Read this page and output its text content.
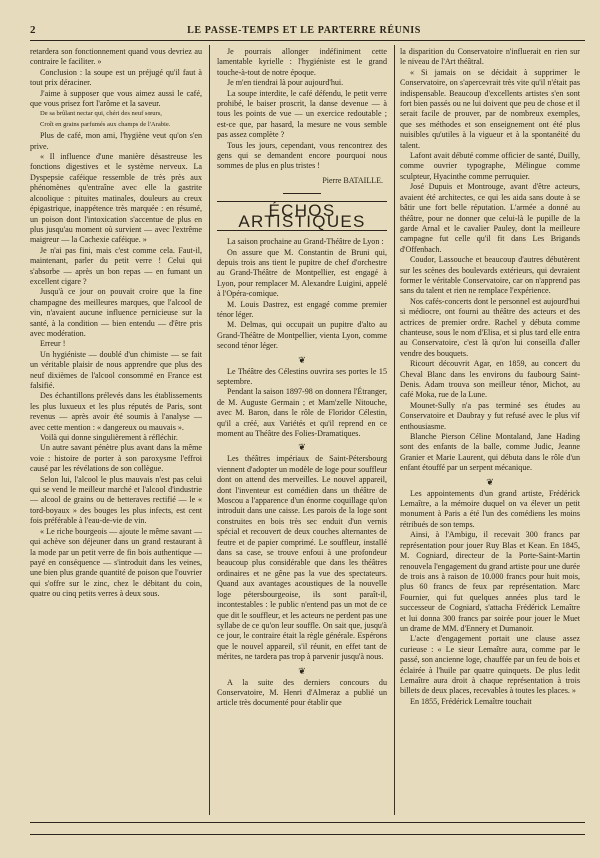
2	LE PASSE-TEMPS ET LE PARTERRE RÉUNIS

retardera son fonctionnement quand vous devriez au contraire le faciliter. »

Conclusion : la soupe est un préjugé qu'il faut à tout prix déraciner.

J'aime à supposer que vous aimez aussi le café, que vous prisez fort l'arôme et la saveur.

De sa brûlant nectar qui, chéri des neuf sœurs,

Croît en grains parfumés aux champs de l'Arabie.

Plus de café, mon ami, l'hygiène veut qu'on s'en prive.

« Il influence d'une manière désastreuse les fonctions digestives et le système nerveux. La Dyspepsie caféique ressemble de très près aux phénomènes qu'entraîne avec elle la gastrite alcoolique : pituites matinales, douleurs au creux épigastrique, inappétence très marquée : en résumé, un poison dont l'intoxication s'accentue de plus en plus jusqu'au moment où survient — avec l'extrême maigreur — la Cachexie caféique. »

Je n'ai pas fini, mais c'est comme cela. Faut-il, maintenant, parler du petit verre ! Celui qui s'absorbe — après un bon repas — en fumant un excellent cigare ?

Jusqu'à ce jour on pouvait croire que la fine champagne des meilleures marques, que l'alcool de vin, n'avaient aucune influence pernicieuse sur la santé, à la condition — bien entendu — d'être pris avec modération.

Erreur !

Un hygiéniste — doublé d'un chimiste — se fait un véritable plaisir de nous apprendre que plus des neuf dixièmes de l'alcool consommé en France est falsifié.

Des échantillons prélevés dans les établissements les plus luxueux et les plus réputés de Paris, sont revenus — après avoir été soumis à l'analyse — avec cette mention : « dangereux ou mauvais ».

Voilà qui donne singulièrement à réfléchir.

Un autre savant pénètre plus avant dans la même voie : histoire de porter à son paroxysme l'effroi causé par les révélations de son collègue.

Selon lui, l'alcool le plus mauvais n'est pas celui qui se vend le meilleur marché et l'alcool d'industrie — alcool de grains ou de betteraves rectifié — le « tord-boyaux » des bouges les plus infects, est cent fois préférable à l'eau-de-vie de vin.

« Le riche bourgeois — ajoute le même savant — qui achève son déjeuner dans un grand restaurant à la mode par un petit verre de fin bois authentique — payé en conséquence — s'introduit dans les veines, une bien plus grande quantité de poison que l'ouvrier qui s'offre sur le zinc, chez le débitant du coin, quatre ou cinq petits verres à deux sous.

Je pourrais allonger indéfiniment cette lamentable kyrielle : l'hygiéniste est le grand touche-à-tout de notre époque.

Je m'en tiendrai là pour aujourd'hui.

La soupe interdite, le café défendu, le petit verre prohibé, le baiser proscrit, la danse devenue — à tous les points de vue — un exercice redoutable ; est-ce que, par hasard, la mesure ne vous semble pas assez complète ?

Tous les jours, cependant, vous rencontrez des gens qui se demandent encore pourquoi nous sommes de plus en plus tristes !

Pierre BATAILLE.

ÉCHOS ARTISTIQUES

La saison prochaine au Grand-Théâtre de Lyon :

On assure que M. Constantin de Bruni qui, depuis trois ans tient le pupitre de chef d'orchestre au Grand-Théâtre de Montpellier, est engagé à Lyon, pour remplacer M. Alexandre Luigini, appelé à l'Opéra-comique.

M. Louis Dastrez, est engagé comme premier ténor léger.

M. Delmas, qui occupait un pupitre d'alto au Grand-Théâtre de Montpellier, vienta Lyon, comme second ténor léger.

❦

Le Théâtre des Célestins ouvrira ses portes le 15 septembre.

Pendant la saison 1897-98 on donnera l'Étranger, de M. Auguste Germain ; et Mam'zelle Nitouche, avec M. Baron, dans le rôle de Floridor Célestin, qu'il a créé, aux Variétés et qu'il reprend en ce moment au Théâtre des Folies-Dramatiques.

❦

Les théâtres impériaux de Saint-Pétersbourg viennent d'adopter un modèle de loge pour souffleur dont on attend des merveilles. Le nouvel appareil, dont l'inventeur est comédien dans un théâtre de Moscou a l'apparence d'un énorme coquillage qu'on introduit dans une caisse. Les parois de la loge sont construites en bois très sec enduit d'un vernis spécial et recouvert de deux couches alternantes de feutre et de papier comprimé. Le souffleur, installé dans sa case, se trouve enfoui à une profondeur beaucoup plus considérable que dans les théâtres ordinaires et ne gêne pas la vue des spectateurs. Quand aux avantages acoustiques de la nouvelle loge pétersbourgeoise, ils sont paraît-il, incontestables : le public n'entend pas un mot de ce que dit le souffleur, et les acteurs ne perdent pas une syllabe de ce qu'on leur souffle. On sait que, jusqu'à ce jour, le contraire était la règle générale. Espérons que le nouvel appareil, s'il réunit, en effet tant de mérites, ne tardera pas trop à parvenir jusqu'à nous.

❦

A la suite des derniers concours du Conservatoire, M. Henri d'Almeraz a publié un article très documenté pour établir que

la disparition du Conservatoire n'influerait en rien sur le niveau de l'Art théâtral.

« Si jamais on se décidait à supprimer le Conservatoire, on s'apercevrait très vite qu'il n'était pas indispensable. Beaucoup d'excellents artistes s'en sont fort bien passés ou ne lui doivent que peu de chose et il serait facile de prouver, par de nombreux exemples, que ses méthodes et son enseignement ont été plus nuisibles qu'utiles à la vigueur et à la spontanéité du talent.

Lafont avait débuté comme officier de santé, Duilly, comme ouvrier typographe, Mélingue comme sculpteur, Hyacinthe comme perruquier.

José Dupuis et Montrouge, avant d'être acteurs, avaient été architectes, ce qui les aida sans doute à se bâtir une fort belle réputation. L'armée a donné au théâtre, pour ne donner que celui-là le pupille de la garde Arnal et le cavalier Pauley, dont la meilleure campagne fut celle qu'il fit dans Les Brigands d'Offenbach.

Coudor, Lassouche et beaucoup d'autres débutèrent sur les scènes des boulevards extérieurs, qui devraient former le véritable Conservatoire, car on n'apprend pas sans du talent et rien ne remplace l'expérience.

Nos cafés-concerts dont le personnel est aujourd'hui si médiocre, ont fourni au théâtre des acteurs et des actrices de premier ordre. Rachel y débuta comme chanteuse, sous le nom d'Elisa, et si plus tard elle entra au Conservatoire, c'est là qu'on lui conseilla d'aller vendre des bouquets.

Ricourt découvrit Agar, en 1859, au concert du Cheval Blanc dans les environs du faubourg Saint-Denis. Adam trouva son meilleur ténor, Michot, au café Moka, rue de la Lune.

Mounet-Sully n'a pas terminé ses études au Conservatoire et Daubray y fut refusé avec le plus vif enthousiasme.

Blanche Pierson Céline Montaland, Jane Hading sont des enfants de la balle, comme Judic, Jeanne Granier et Marie Laurent, qui débuta dans le rôle d'un enfant étouffé par un serpent mécanique.

❦

Les appointements d'un grand artiste, Frédérick Lemaître, a la mémoire duquel on va élever un petit monument à Paris a été l'un des comédiens les moins rétribués de son temps.

Ainsi, à l'Ambigu, il recevait 300 francs par représentation pour jouer Ruy Blas et Kean. En 1845, M. Cogniard, directeur de la Porte-Saint-Martin renouvela l'engagement du grand artiste pour une durée de trois ans à raison de 10.000 francs pour huit mois, plus 60 francs de feux par représentation. Marc Fournier, qui fut quelques années plus tard le successeur de Cogniard, s'attacha Frédérick Lemaître et lui donna 300 francs par soirée pour jouer le Muet un drame de MM. d'Ennery et Dumanoir.

L'acte d'engagement portait une clause assez curieuse : « Le sieur Lemaître aura, comme par le passé, son ancienne loge, chauffée par un feu de bois et éclairée à l'huile par quatre quinquets. De plus ledit Lemaître aura droit à chaque représentation à trois billets de deux places, recevables à toutes les places. »

En 1855, Frédérick Lemaître touchait
